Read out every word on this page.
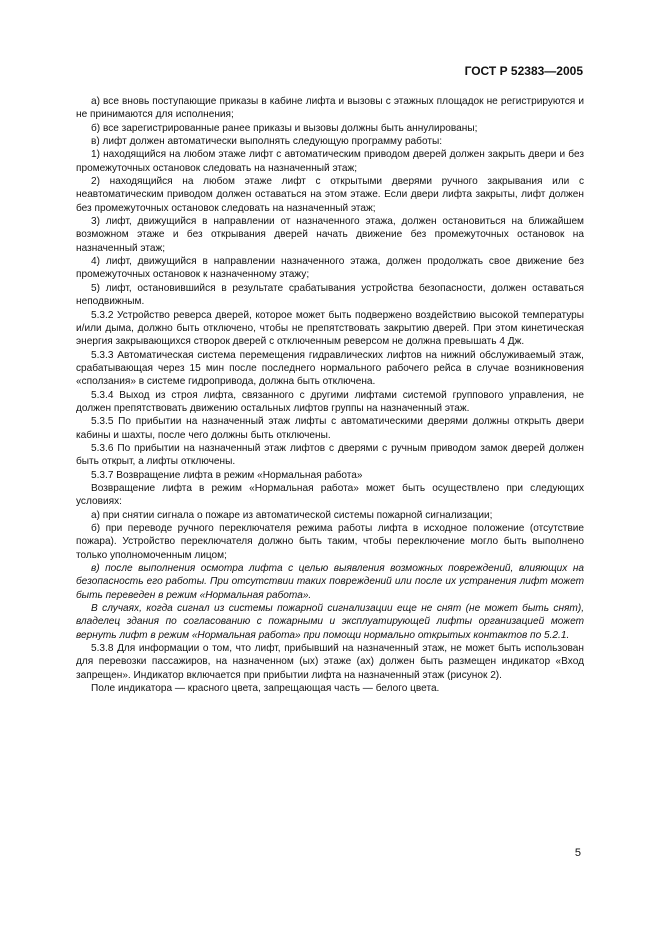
ГОСТ Р 52383—2005

а) все вновь поступающие приказы в кабине лифта и вызовы с этажных площадок не регистрируются и не принимаются для исполнения;

б) все зарегистрированные ранее приказы и вызовы должны быть аннулированы;

в) лифт должен автоматически выполнять следующую программу работы:

1) находящийся на любом этаже лифт с автоматическим приводом дверей должен закрыть двери и без промежуточных остановок следовать на назначенный этаж;

2) находящийся на любом этаже лифт с открытыми дверями ручного закрывания или с неавтоматическим приводом должен оставаться на этом этаже. Если двери лифта закрыты, лифт должен без промежуточных остановок следовать на назначенный этаж;

3) лифт, движущийся в направлении от назначенного этажа, должен остановиться на ближайшем возможном этаже и без открывания дверей начать движение без промежуточных остановок на назначенный этаж;

4) лифт, движущийся в направлении назначенного этажа, должен продолжать свое движение без промежуточных остановок к назначенному этажу;

5) лифт, остановившийся в результате срабатывания устройства безопасности, должен оставаться неподвижным.

5.3.2 Устройство реверса дверей, которое может быть подвержено воздействию высокой температуры и/или дыма, должно быть отключено, чтобы не препятствовать закрытию дверей. При этом кинетическая энергия закрывающихся створок дверей с отключенным реверсом не должна превышать 4 Дж.

5.3.3 Автоматическая система перемещения гидравлических лифтов на нижний обслуживаемый этаж, срабатывающая через 15 мин после последнего нормального рабочего рейса в случае возникновения «сползания» в системе гидропривода, должна быть отключена.

5.3.4 Выход из строя лифта, связанного с другими лифтами системой группового управления, не должен препятствовать движению остальных лифтов группы на назначенный этаж.

5.3.5 По прибытии на назначенный этаж лифты с автоматическими дверями должны открыть двери кабины и шахты, после чего должны быть отключены.

5.3.6 По прибытии на назначенный этаж лифтов с дверями с ручным приводом замок дверей должен быть открыт, а лифты отключены.

5.3.7 Возвращение лифта в режим «Нормальная работа»

Возвращение лифта в режим «Нормальная работа» может быть осуществлено при следующих условиях:

а) при снятии сигнала о пожаре из автоматической системы пожарной сигнализации;

б) при переводе ручного переключателя режима работы лифта в исходное положение (отсутствие пожара). Устройство переключателя должно быть таким, чтобы переключение могло быть выполнено только уполномоченным лицом;

в) после выполнения осмотра лифта с целью выявления возможных повреждений, влияющих на безопасность его работы. При отсутствии таких повреждений или после их устранения лифт может быть переведен в режим «Нормальная работа».

В случаях, когда сигнал из системы пожарной сигнализации еще не снят (не может быть снят), владелец здания по согласованию с пожарными и эксплуатирующей лифты организацией может вернуть лифт в режим «Нормальная работа» при помощи нормально открытых контактов по 5.2.1.

5.3.8 Для информации о том, что лифт, прибывший на назначенный этаж, не может быть использован для перевозки пассажиров, на назначенном (ых) этаже (ах) должен быть размещен индикатор «Вход запрещен». Индикатор включается при прибытии лифта на назначенный этаж (рисунок 2).

Поле индикатора — красного цвета, запрещающая часть — белого цвета.

5
